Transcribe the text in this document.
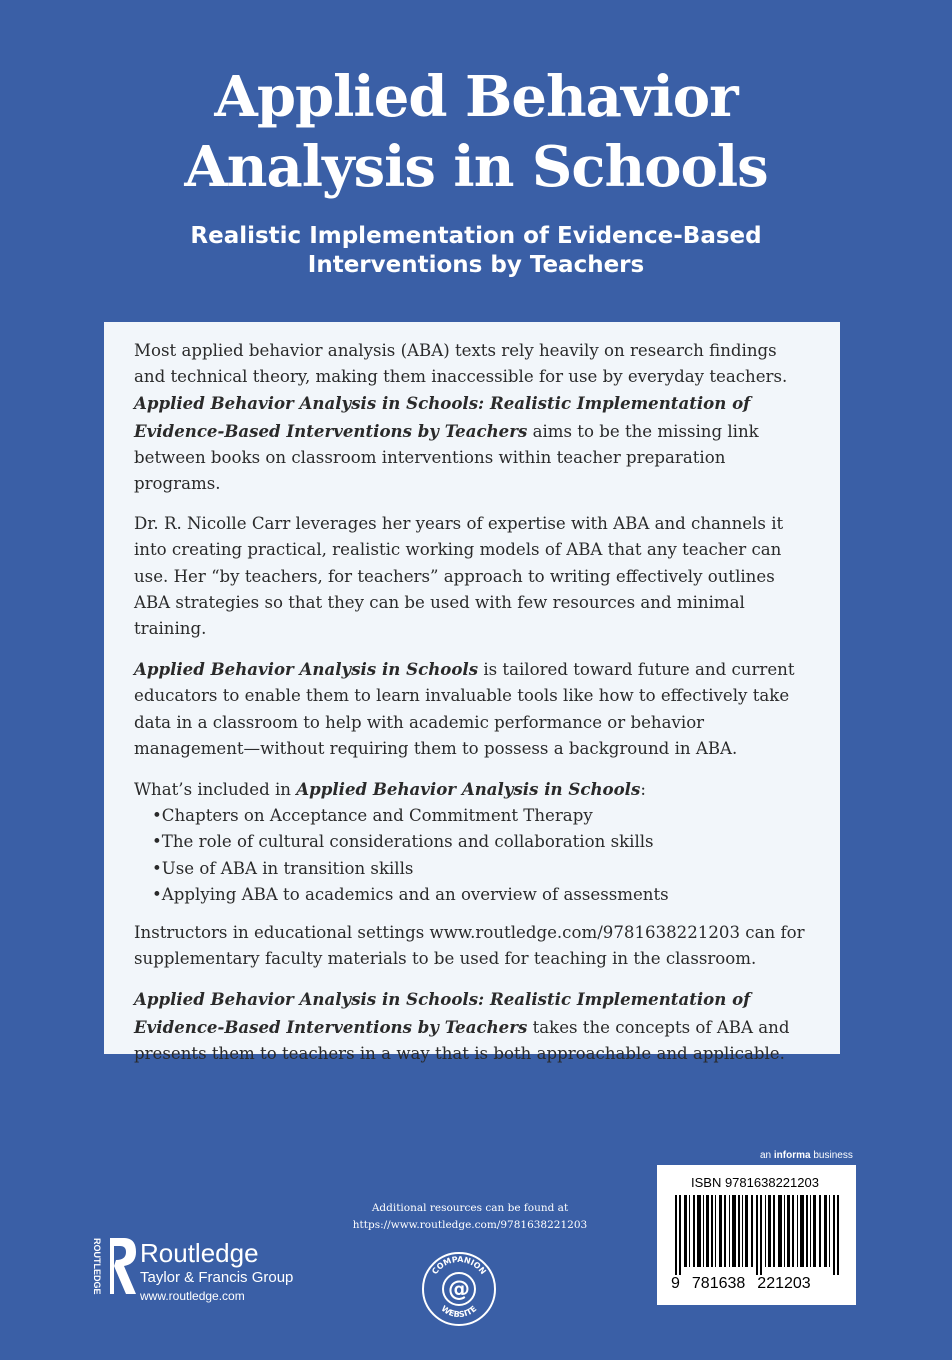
Applied Behavior
Analysis in Schools
Realistic Implementation of Evidence-Based
Interventions by Teachers

Most applied behavior analysis (ABA) texts rely heavily on research findings and technical theory, making them inaccessible for use by everyday teachers. Applied Behavior Analysis in Schools: Realistic Implementation of Evidence-Based Interventions by Teachers aims to be the missing link between books on classroom interventions within teacher preparation programs.

Dr. R. Nicolle Carr leverages her years of expertise with ABA and channels it into creating practical, realistic working models of ABA that any teacher can use. Her “by teachers, for teachers” approach to writing effectively outlines ABA strategies so that they can be used with few resources and minimal training.

Applied Behavior Analysis in Schools is tailored toward future and current educators to enable them to learn invaluable tools like how to effectively take data in a classroom to help with academic performance or behavior management—without requiring them to possess a background in ABA.

What’s included in Applied Behavior Analysis in Schools:

• Chapters on Acceptance and Commitment Therapy
• The role of cultural considerations and collaboration skills
• Use of ABA in transition skills
• Applying ABA to academics and an overview of assessments

Instructors in educational settings www.routledge.com/9781638221203 can for supplementary faculty materials to be used for teaching in the classroom.

Applied Behavior Analysis in Schools: Realistic Implementation of Evidence-Based Interventions by Teachers takes the concepts of ABA and presents them to teachers in a way that is both approachable and applicable.

an informa business
ISBN 9781638221203
9 781638 221203
Additional resources can be found at
https://www.routledge.com/9781638221203
@
COMPANION
WEBSITE
ROUTLEDGE Routledge
Taylor & Francis Group
www.routledge.com
